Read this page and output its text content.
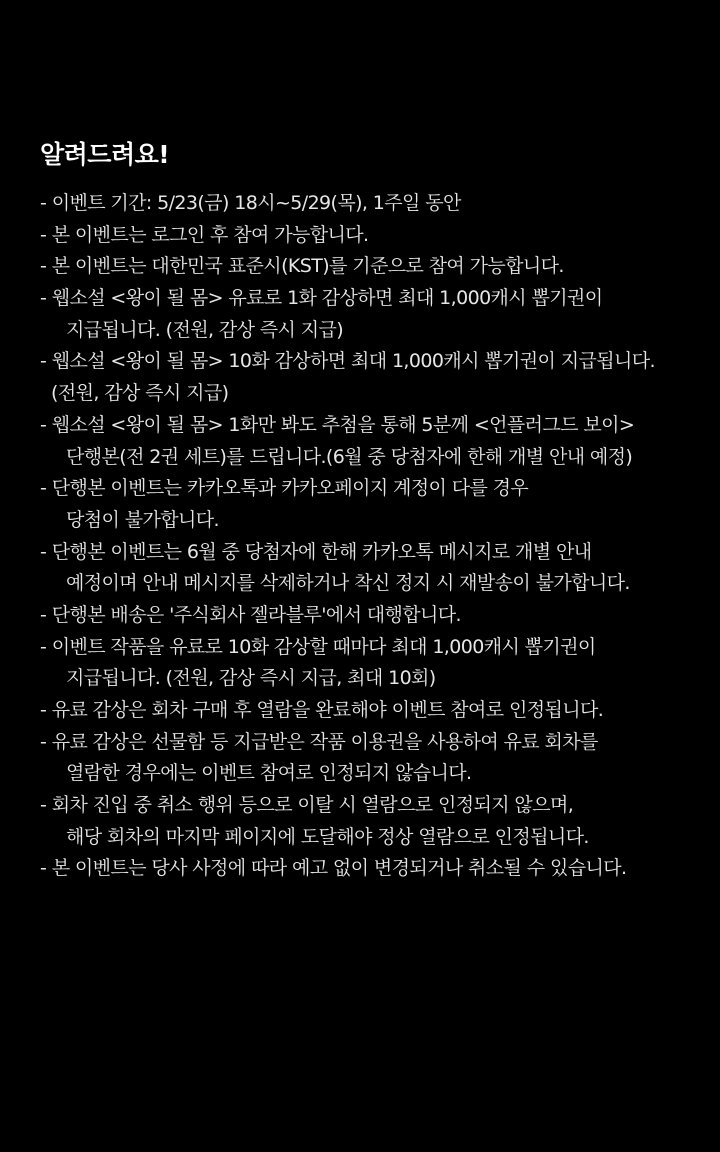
알려드려요!
- 이벤트 기간: 5/23(금) 18시~5/29(목), 1주일 동안
- 본 이벤트는 로그인 후 참여 가능합니다.
- 본 이벤트는 대한민국 표준시(KST)를 기준으로 참여 가능합니다.
- 웹소설 <왕이 될 몸> 유료로 1화 감상하면 최대 1,000캐시 뽑기권이
지급됩니다. (전원, 감상 즉시 지급)
- 웹소설 <왕이 될 몸> 10화 감상하면 최대 1,000캐시 뽑기권이 지급됩니다.
(전원, 감상 즉시 지급)
- 웹소설 <왕이 될 몸> 1화만 봐도 추첨을 통해 5분께 <언플러그드 보이>
단행본(전 2권 세트)를 드립니다.(6월 중 당첨자에 한해 개별 안내 예정)
- 단행본 이벤트는 카카오톡과 카카오페이지 계정이 다를 경우
당첨이 불가합니다.
- 단행본 이벤트는 6월 중 당첨자에 한해 카카오톡 메시지로 개별 안내
예정이며 안내 메시지를 삭제하거나 착신 정지 시 재발송이 불가합니다.
- 단행본 배송은 '주식회사 젤라블루'에서 대행합니다.
- 이벤트 작품을 유료로 10화 감상할 때마다 최대 1,000캐시 뽑기권이
지급됩니다. (전원, 감상 즉시 지급, 최대 10회)
- 유료 감상은 회차 구매 후 열람을 완료해야 이벤트 참여로 인정됩니다.
- 유료 감상은 선물함 등 지급받은 작품 이용권을 사용하여 유료 회차를
열람한 경우에는 이벤트 참여로 인정되지 않습니다.
- 회차 진입 중 취소 행위 등으로 이탈 시 열람으로 인정되지 않으며,
해당 회차의 마지막 페이지에 도달해야 정상 열람으로 인정됩니다.
- 본 이벤트는 당사 사정에 따라 예고 없이 변경되거나 취소될 수 있습니다.
